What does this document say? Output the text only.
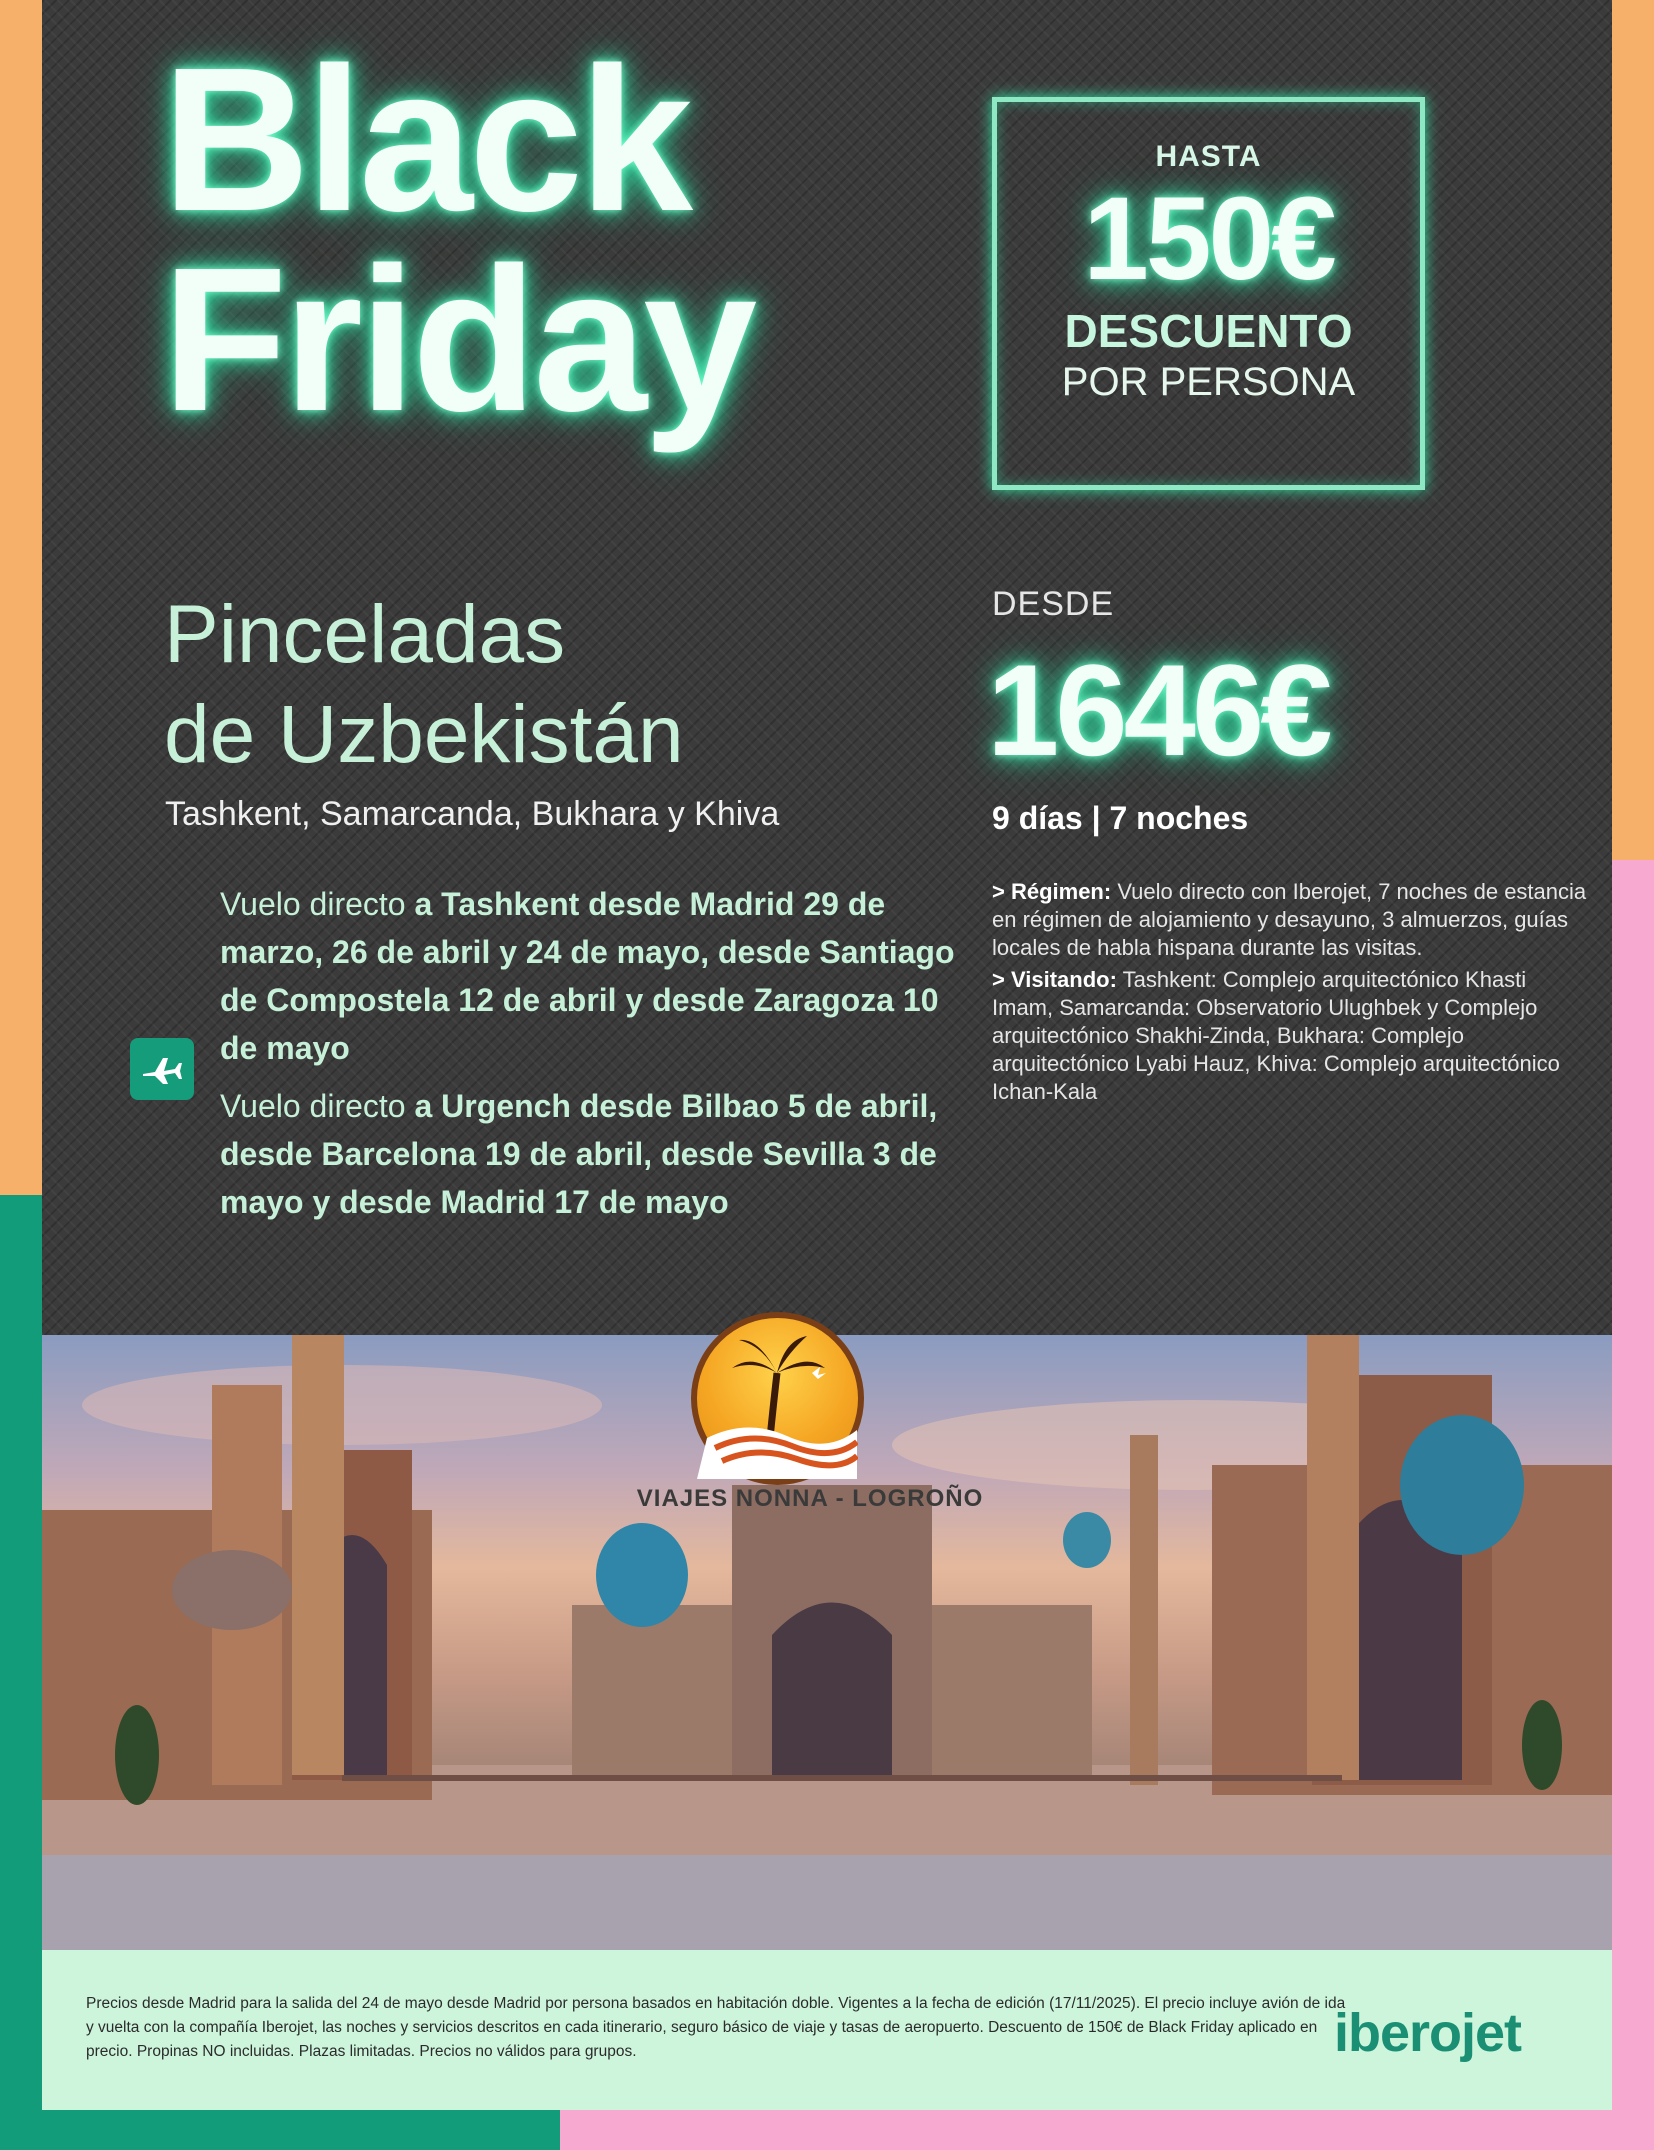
Black
Friday
HASTA
150€
DESCUENTO
POR PERSONA
Pinceladas
de Uzbekistán
Tashkent, Samarcanda, Bukhara y Khiva
Vuelo directo a Tashkent desde Madrid 29 de marzo, 26 de abril y 24 de mayo, desde Santiago de Compostela 12 de abril y desde Zaragoza 10 de mayo
Vuelo directo a Urgench desde Bilbao 5 de abril, desde Barcelona 19 de abril, desde Sevilla 3 de mayo y desde Madrid 17 de mayo
DESDE
1646€
9 días | 7 noches
> Régimen: Vuelo directo con Iberojet, 7 noches de estancia en régimen de alojamiento y desayuno, 3 almuerzos, guías locales de habla hispana durante las visitas.
> Visitando: Tashkent: Complejo arquitectónico Khasti Imam, Samarcanda: Observatorio Ulughbek y Complejo arquitectónico Shakhi-Zinda, Bukhara: Complejo arquitectónico Lyabi Hauz, Khiva: Complejo arquitectónico Ichan-Kala
VIAJES NONNA - LOGROÑO
Precios desde Madrid para la salida del 24 de mayo desde Madrid por persona basados en habitación doble. Vigentes a la fecha de edición (17/11/2025). El precio incluye avión de ida y vuelta con la compañía Iberojet, las noches y servicios descritos en cada itinerario, seguro básico de viaje y tasas de aeropuerto. Descuento de 150€ de Black Friday aplicado en precio. Propinas NO incluidas. Plazas limitadas. Precios no válidos para grupos.	iberojet
